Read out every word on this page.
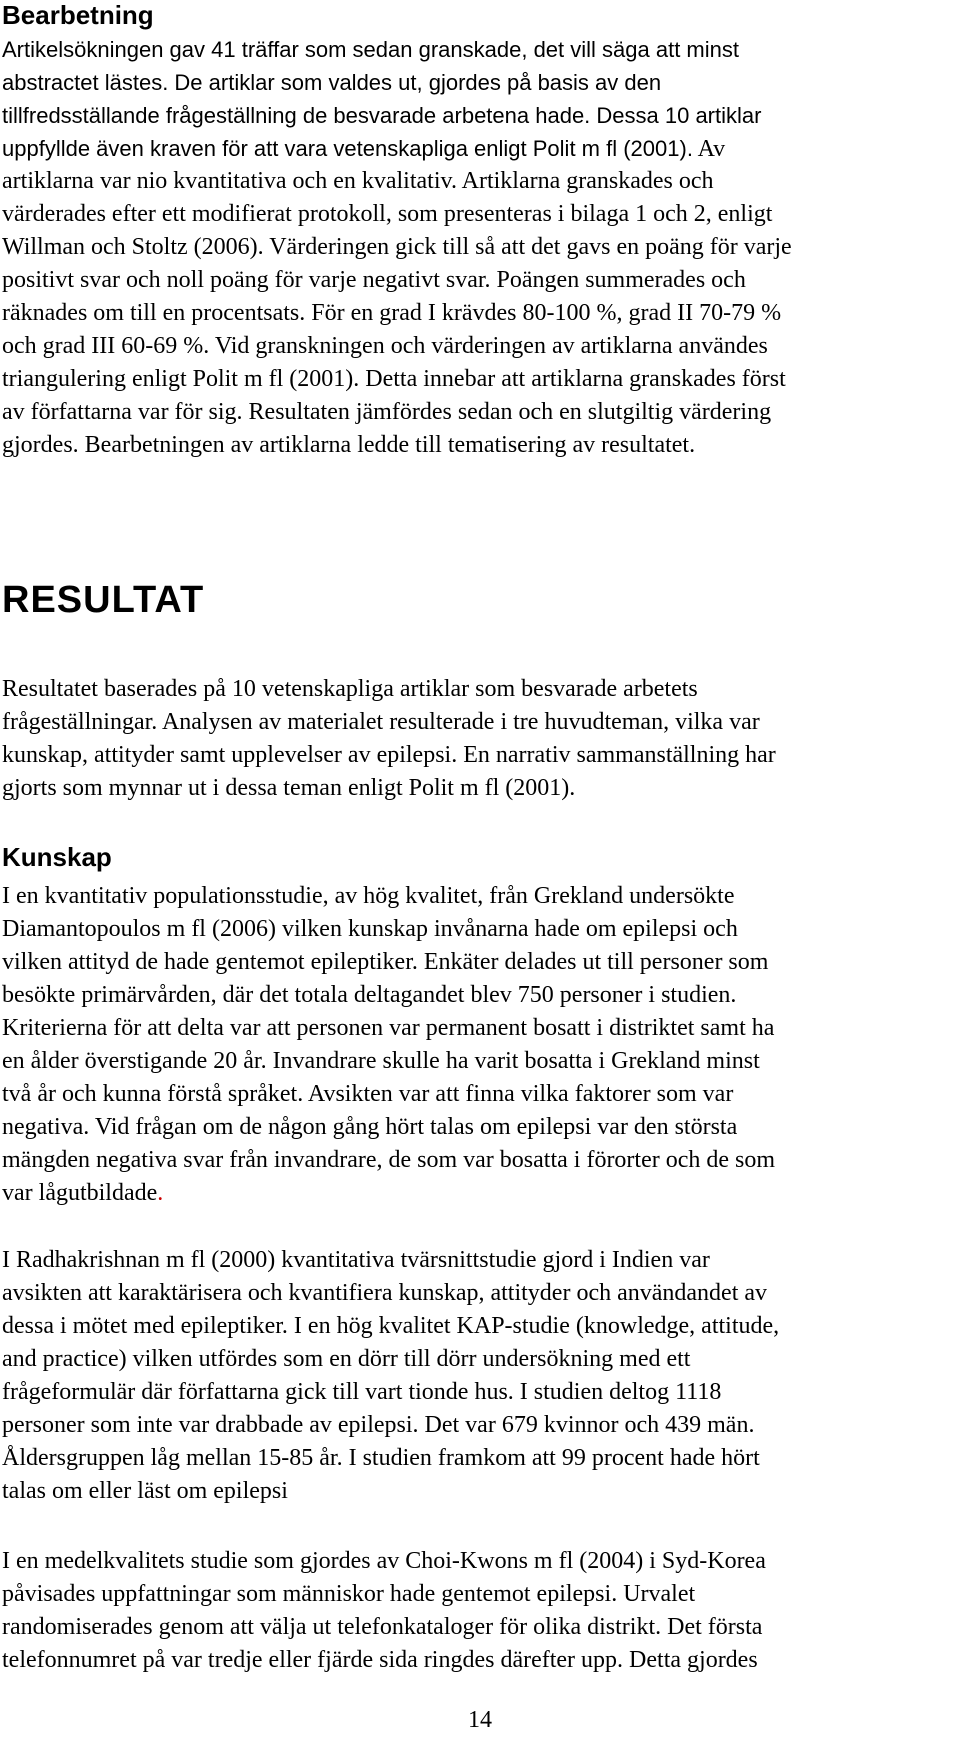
Bearbetning

Artikelsökningen gav 41 träffar som sedan granskade, det vill säga att minst
abstractet lästes. De artiklar som valdes ut, gjordes på basis av den
tillfredsställande frågeställning de besvarade arbetena hade. Dessa 10 artiklar
uppfyllde även kraven för att vara vetenskapliga enligt Polit m fl (2001). Av
artiklarna var nio kvantitativa och en kvalitativ. Artiklarna granskades och
värderades efter ett modifierat protokoll, som presenteras i bilaga 1 och 2, enligt
Willman och Stoltz (2006). Värderingen gick till så att det gavs en poäng för varje
positivt svar och noll poäng för varje negativt svar. Poängen summerades och
räknades om till en procentsats. För en grad I krävdes 80-100 %, grad II 70-79 %
och grad III 60-69 %. Vid granskningen och värderingen av artiklarna användes
triangulering enligt Polit m fl (2001). Detta innebar att artiklarna granskades först
av författarna var för sig. Resultaten jämfördes sedan och en slutgiltig värdering
gjordes. Bearbetningen av artiklarna ledde till tematisering av resultatet.

RESULTAT

Resultatet baserades på 10 vetenskapliga artiklar som besvarade arbetets
frågeställningar. Analysen av materialet resulterade i tre huvudteman, vilka var
kunskap, attityder samt upplevelser av epilepsi. En narrativ sammanställning har
gjorts som mynnar ut i dessa teman enligt Polit m fl (2001).

Kunskap

I en kvantitativ populationsstudie, av hög kvalitet, från Grekland undersökte
Diamantopoulos m fl (2006) vilken kunskap invånarna hade om epilepsi och
vilken attityd de hade gentemot epileptiker. Enkäter delades ut till personer som
besökte primärvården, där det totala deltagandet blev 750 personer i studien.
Kriterierna för att delta var att personen var permanent bosatt i distriktet samt ha
en ålder överstigande 20 år. Invandrare skulle ha varit bosatta i Grekland minst
två år och kunna förstå språket. Avsikten var att finna vilka faktorer som var
negativa. Vid frågan om de någon gång hört talas om epilepsi var den största
mängden negativa svar från invandrare, de som var bosatta i förorter och de som
var lågutbildade.

I Radhakrishnan m fl (2000) kvantitativa tvärsnittstudie gjord i Indien var
avsikten att karaktärisera och kvantifiera kunskap, attityder och användandet av
dessa i mötet med epileptiker. I en hög kvalitet KAP-studie (knowledge, attitude,
and practice) vilken utfördes som en dörr till dörr undersökning med ett
frågeformulär där författarna gick till vart tionde hus. I studien deltog 1118
personer som inte var drabbade av epilepsi. Det var 679 kvinnor och 439 män.
Åldersgruppen låg mellan 15-85 år. I studien framkom att 99 procent hade hört
talas om eller läst om epilepsi

I en medelkvalitets studie som gjordes av Choi-Kwons m fl (2004) i Syd-Korea
påvisades uppfattningar som människor hade gentemot epilepsi. Urvalet
randomiserades genom att välja ut telefonkataloger för olika distrikt. Det första
telefonnumret på var tredje eller fjärde sida ringdes därefter upp. Detta gjordes

14
